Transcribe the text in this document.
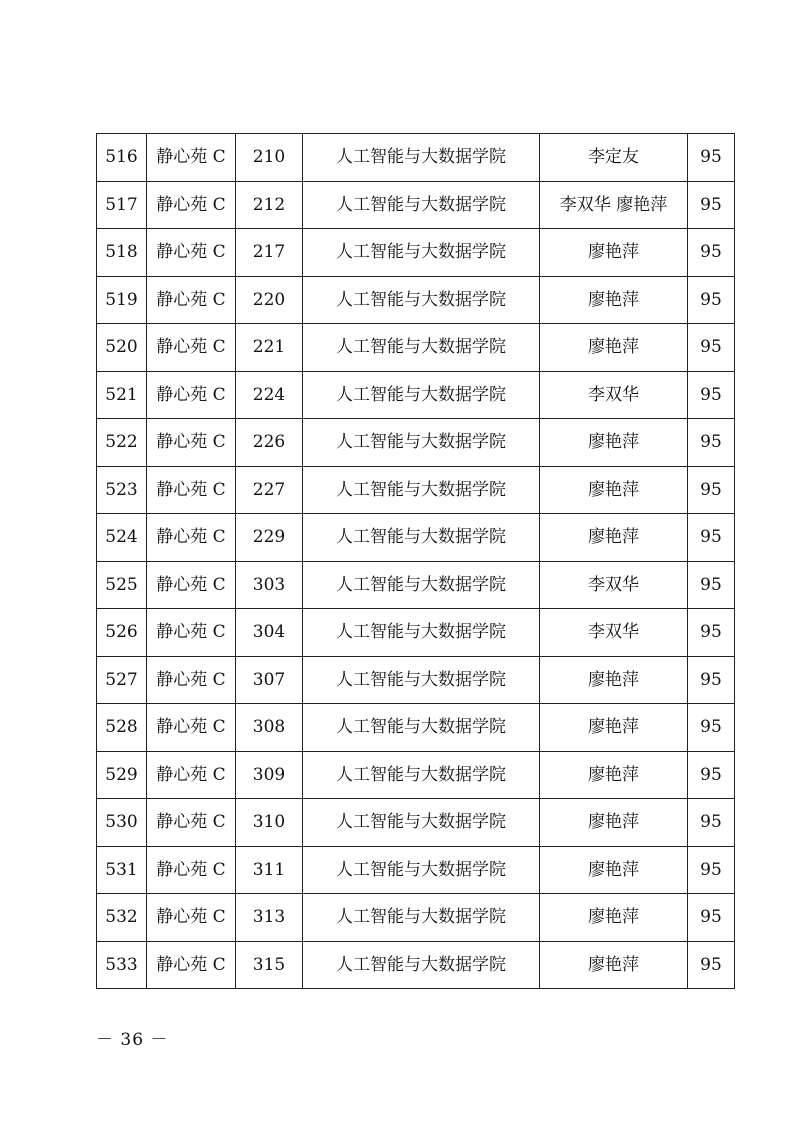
516	静心苑 C	210	人工智能与大数据学院	李定友	95
517	静心苑 C	212	人工智能与大数据学院	李双华 廖艳萍	95
518	静心苑 C	217	人工智能与大数据学院	廖艳萍	95
519	静心苑 C	220	人工智能与大数据学院	廖艳萍	95
520	静心苑 C	221	人工智能与大数据学院	廖艳萍	95
521	静心苑 C	224	人工智能与大数据学院	李双华	95
522	静心苑 C	226	人工智能与大数据学院	廖艳萍	95
523	静心苑 C	227	人工智能与大数据学院	廖艳萍	95
524	静心苑 C	229	人工智能与大数据学院	廖艳萍	95
525	静心苑 C	303	人工智能与大数据学院	李双华	95
526	静心苑 C	304	人工智能与大数据学院	李双华	95
527	静心苑 C	307	人工智能与大数据学院	廖艳萍	95
528	静心苑 C	308	人工智能与大数据学院	廖艳萍	95
529	静心苑 C	309	人工智能与大数据学院	廖艳萍	95
530	静心苑 C	310	人工智能与大数据学院	廖艳萍	95
531	静心苑 C	311	人工智能与大数据学院	廖艳萍	95
532	静心苑 C	313	人工智能与大数据学院	廖艳萍	95
533	静心苑 C	315	人工智能与大数据学院	廖艳萍	95
－ 36 －
